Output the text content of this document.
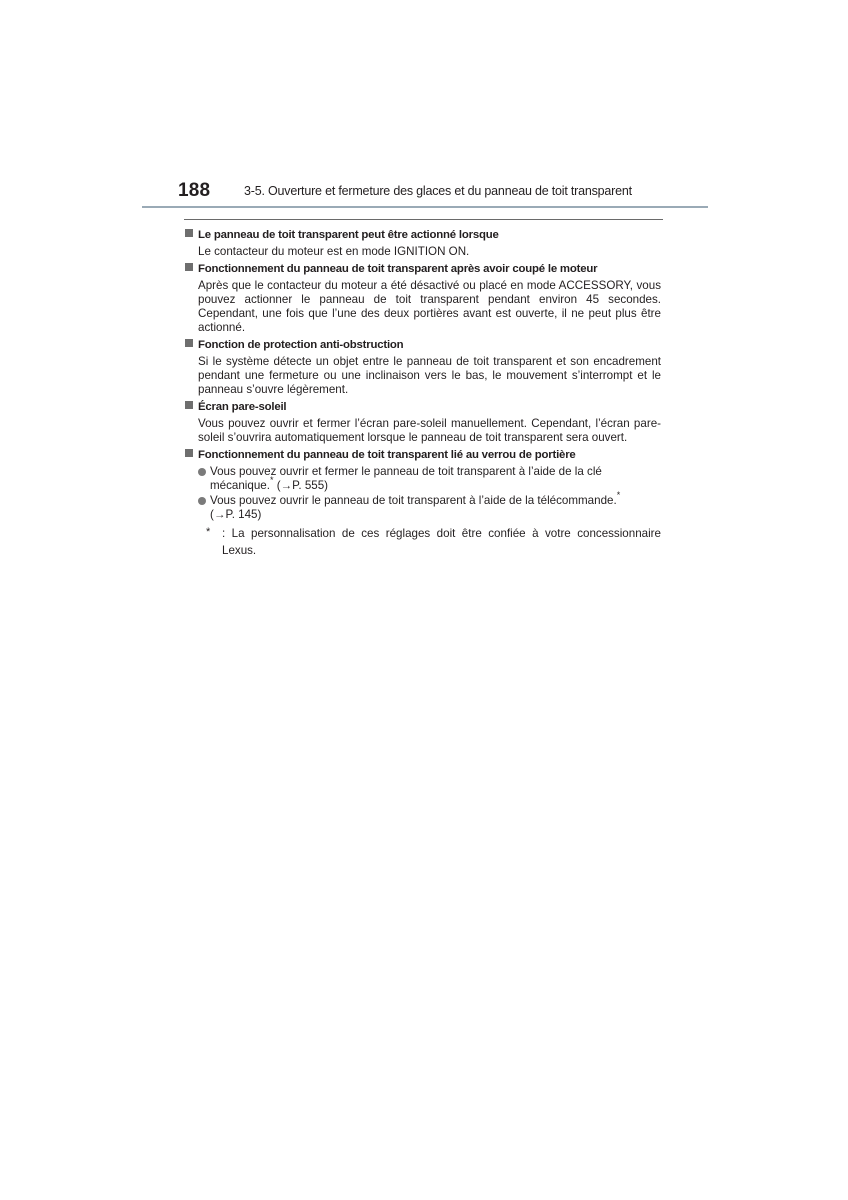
188	3-5. Ouverture et fermeture des glaces et du panneau de toit transparent
Le panneau de toit transparent peut être actionné lorsque
Le contacteur du moteur est en mode IGNITION ON.
Fonctionnement du panneau de toit transparent après avoir coupé le moteur
Après que le contacteur du moteur a été désactivé ou placé en mode ACCESSORY, vous pouvez actionner le panneau de toit transparent pendant environ 45 secondes. Cependant, une fois que l’une des deux portières avant est ouverte, il ne peut plus être actionné.
Fonction de protection anti-obstruction
Si le système détecte un objet entre le panneau de toit transparent et son encadrement pendant une fermeture ou une inclinaison vers le bas, le mouvement s’interrompt et le panneau s’ouvre légèrement.
Écran pare-soleil
Vous pouvez ouvrir et fermer l’écran pare-soleil manuellement. Cependant, l’écran pare-soleil s’ouvrira automatiquement lorsque le panneau de toit transparent sera ouvert.
Fonctionnement du panneau de toit transparent lié au verrou de portière
Vous pouvez ouvrir et fermer le panneau de toit transparent à l’aide de la clé mécanique.* (→P. 555)
Vous pouvez ouvrir le panneau de toit transparent à l’aide de la télécommande.*
(→P. 145)
*	: La personnalisation de ces réglages doit être confiée à votre concessionnaire Lexus.
